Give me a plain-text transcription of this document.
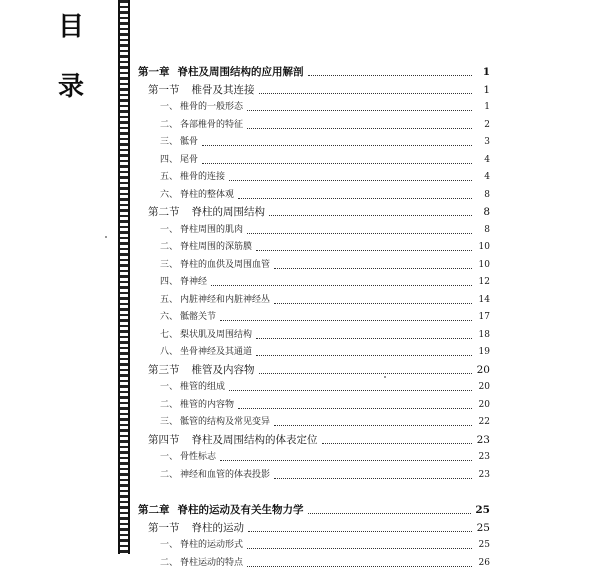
目
录	第一章 脊柱及周围结构的应用解剖	1
第一节 椎骨及其连接	1
一、 椎骨的一般形态	1
二、 各部椎骨的特征	2
三、 骶骨	3
四、 尾骨	4
五、 椎骨的连接	4
六、 脊柱的整体观	8
第二节 脊柱的周围结构	8
一、 脊柱周围的肌肉	8
二、 脊柱周围的深筋膜	10
三、 脊柱的血供及周围血管	10
四、 脊神经	12
五、 内脏神经和内脏神经丛	14
六、 骶髂关节	17
七、 梨状肌及周围结构	18
八、 坐骨神经及其通道	19
第三节 椎管及内容物	20
一、 椎管的组成	20
二、 椎管的内容物	20
三、 骶管的结构及常见变异	22
第四节 脊柱及周围结构的体表定位	23
一、 骨性标志	23
二、 神经和血管的体表投影	23
第二章 脊柱的运动及有关生物力学	25
第一节 脊柱的运动	25
一、 脊柱的运动形式	25
二、 脊柱运动的特点	26
